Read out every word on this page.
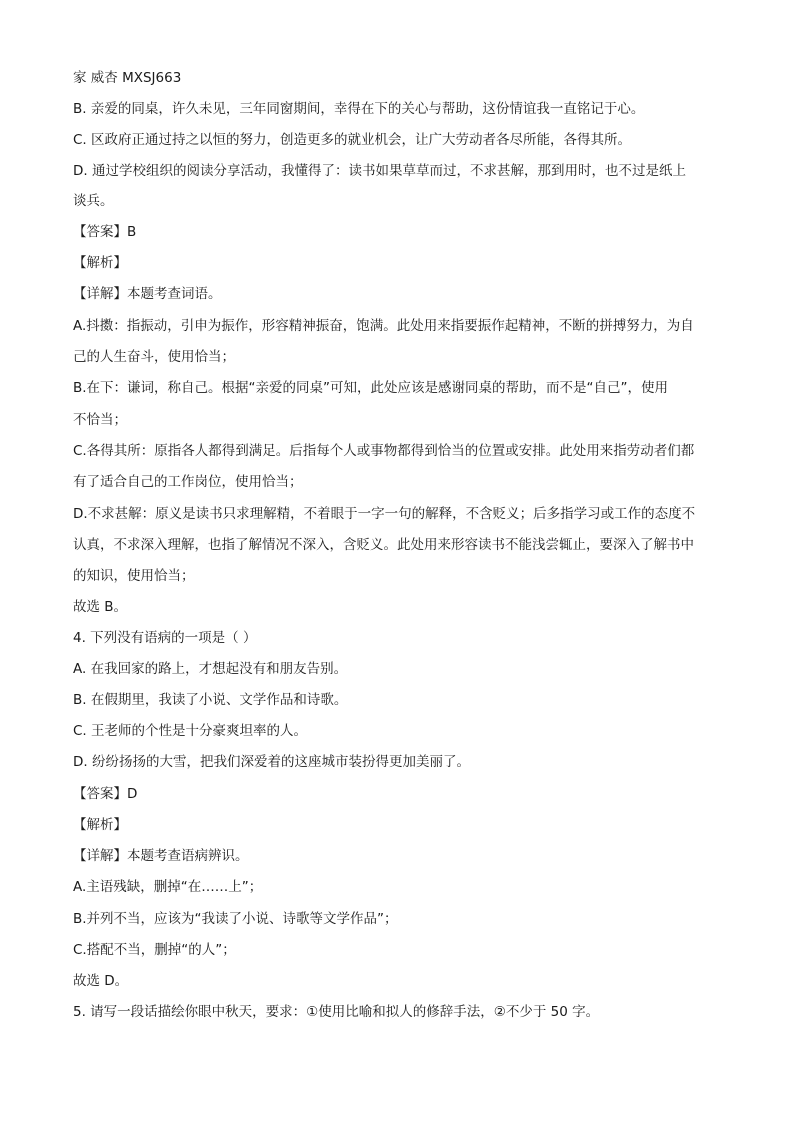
家 威杏 MXSJ663
B. 亲爱的同桌，许久未见，三年同窗期间，幸得在下的关心与帮助，这份情谊我一直铭记于心。
C. 区政府正通过持之以恒的努力，创造更多的就业机会，让广大劳动者各尽所能，各得其所。
D. 通过学校组织的阅读分享活动，我懂得了：读书如果草草而过，不求甚解，那到用时，也不过是纸上
谈兵。
【答案】B
【解析】
【详解】本题考查词语。
A.抖擞：指振动，引申为振作，形容精神振奋，饱满。此处用来指要振作起精神，不断的拼搏努力，为自
己的人生奋斗，使用恰当；
B.在下：谦词，称自己。根据“亲爱的同桌”可知，此处应该是感谢同桌的帮助，而不是“自己”，使用
不恰当；
C.各得其所：原指各人都得到满足。后指每个人或事物都得到恰当的位置或安排。此处用来指劳动者们都
有了适合自己的工作岗位，使用恰当；
D.不求甚解：原义是读书只求理解精，不着眼于一字一句的解释，不含贬义；后多指学习或工作的态度不
认真，不求深入理解，也指了解情况不深入，含贬义。此处用来形容读书不能浅尝辄止，要深入了解书中
的知识，使用恰当；
故选 B。
4. 下列没有语病的一项是（ ）
A. 在我回家的路上，才想起没有和朋友告别。
B. 在假期里，我读了小说、文学作品和诗歌。
C. 王老师的个性是十分豪爽坦率的人。
D. 纷纷扬扬的大雪，把我们深爱着的这座城市装扮得更加美丽了。
【答案】D
【解析】
【详解】本题考查语病辨识。
A.主语残缺，删掉“在……上”；
B.并列不当，应该为“我读了小说、诗歌等文学作品”；
C.搭配不当，删掉“的人”；
故选 D。
5. 请写一段话描绘你眼中秋天，要求：①使用比喻和拟人的修辞手法，②不少于 50 字。
